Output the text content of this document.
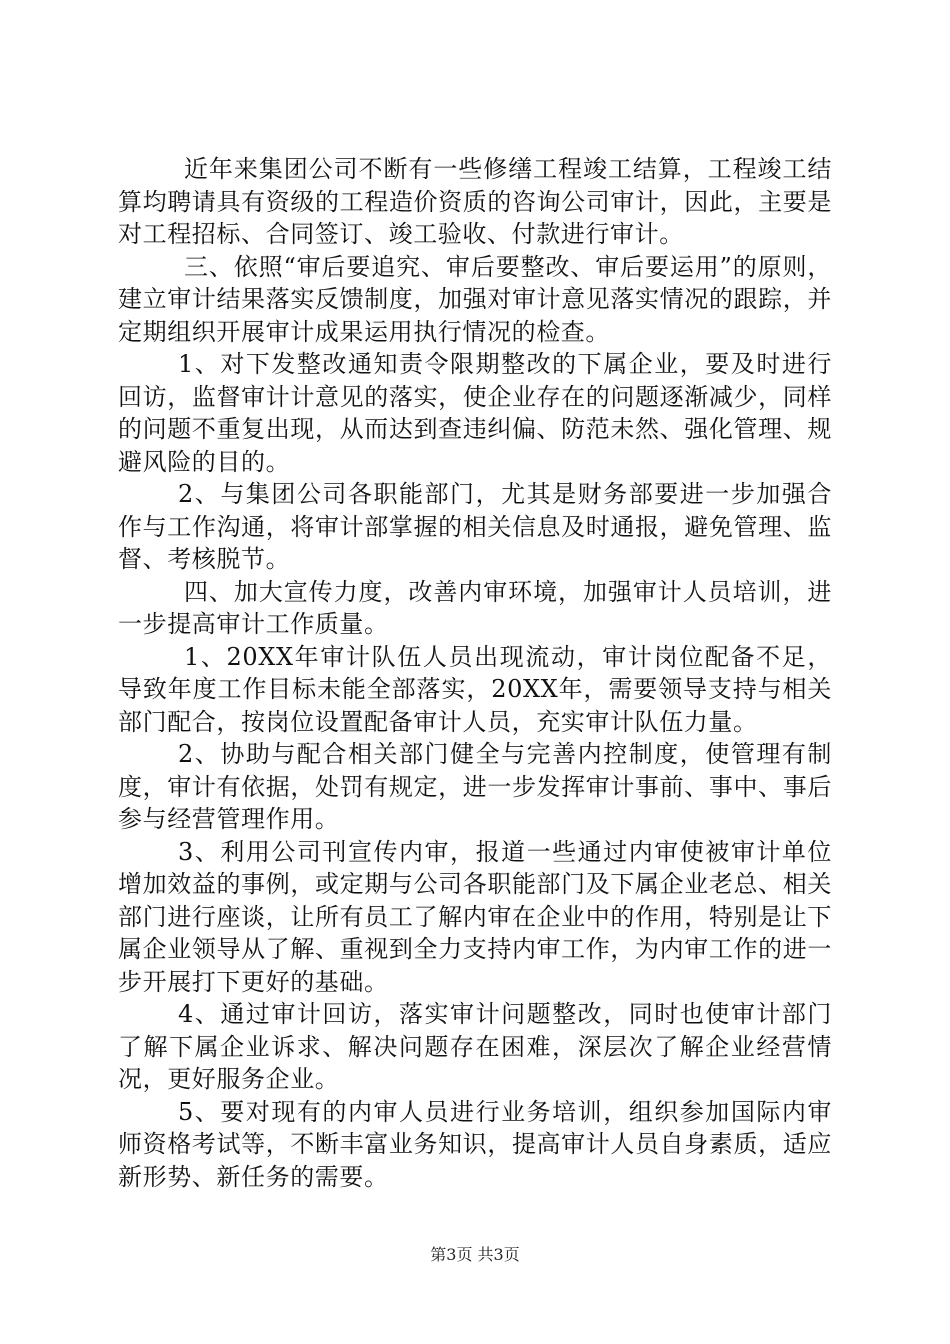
近年来集团公司不断有一些修缮工程竣工结算，工程竣工结算均聘请具有资级的工程造价资质的咨询公司审计，因此，主要是对工程招标、合同签订、竣工验收、付款进行审计。

三、依照“审后要追究、审后要整改、审后要运用”的原则，建立审计结果落实反馈制度，加强对审计意见落实情况的跟踪，并定期组织开展审计成果运用执行情况的检查。

1、对下发整改通知责令限期整改的下属企业，要及时进行回访，监督审计计意见的落实，使企业存在的问题逐渐减少，同样的问题不重复出现，从而达到查违纠偏、防范未然、强化管理、规避风险的目的。

2、与集团公司各职能部门，尤其是财务部要进一步加强合作与工作沟通，将审计部掌握的相关信息及时通报，避免管理、监督、考核脱节。

四、加大宣传力度，改善内审环境，加强审计人员培训，进一步提高审计工作质量。

1、20XX年审计队伍人员出现流动，审计岗位配备不足，导致年度工作目标未能全部落实，20XX年，需要领导支持与相关部门配合，按岗位设置配备审计人员，充实审计队伍力量。

2、协助与配合相关部门健全与完善内控制度，使管理有制度，审计有依据，处罚有规定，进一步发挥审计事前、事中、事后参与经营管理作用。

3、利用公司刊宣传内审，报道一些通过内审使被审计单位增加效益的事例，或定期与公司各职能部门及下属企业老总、相关部门进行座谈，让所有员工了解内审在企业中的作用，特别是让下属企业领导从了解、重视到全力支持内审工作，为内审工作的进一步开展打下更好的基础。

4、通过审计回访，落实审计问题整改，同时也使审计部门了解下属企业诉求、解决问题存在困难，深层次了解企业经营情况，更好服务企业。

5、要对现有的内审人员进行业务培训，组织参加国际内审师资格考试等，不断丰富业务知识，提高审计人员自身素质，适应新形势、新任务的需要。

第3页 共3页
